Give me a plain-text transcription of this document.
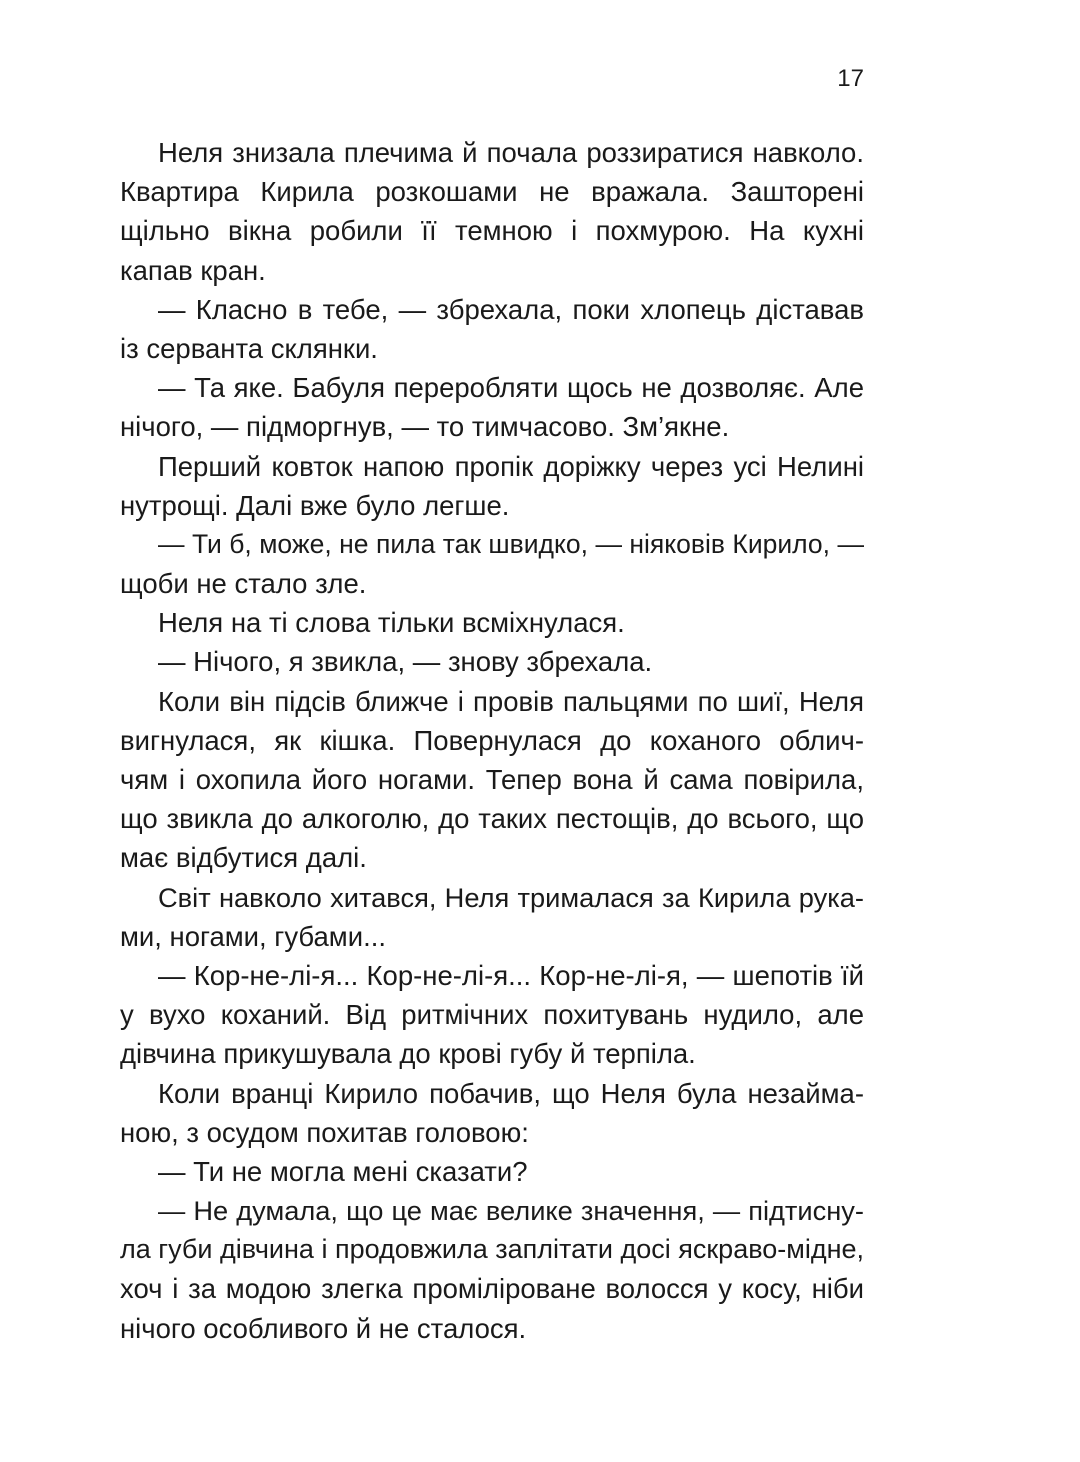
17
Неля знизала плечима й почала роззиратися навколо.
Квартира Кирила розкошами не вражала. Зашторені
щільно вікна робили її темною і похмурою. На кухні
капав кран.
— Класно в тебе, — збрехала, поки хлопець діставав
із серванта склянки.
— Та яке. Бабуля переробляти щось не дозволяє. Але
нічого, — підморгнув, — то тимчасово. Зм’якне.
Перший ковток напою пропік доріжку через усі Нелині
нутрощі. Далі вже було легше.
— Ти б, може, не пила так швидко, — ніяковів Кирило, —
щоби не стало зле.
Неля на ті слова тільки всміхнулася.
— Нічого, я звикла, — знову збрехала.
Коли він підсів ближче і провів пальцями по шиї, Неля
вигнулася, як кішка. Повернулася до коханого облич-
чям і охопила його ногами. Тепер вона й сама повірила,
що звикла до алкоголю, до таких пестощів, до всього, що
має відбутися далі.
Світ навколо хитався, Неля трималася за Кирила рука-
ми, ногами, губами...
— Кор-не-лі-я... Кор-не-лі-я... Кор-не-лі-я, — шепотів їй
у вухо коханий. Від ритмічних похитувань нудило, але
дівчина прикушувала до крові губу й терпіла.
Коли вранці Кирило побачив, що Неля була незайма-
ною, з осудом похитав головою:
— Ти не могла мені сказати?
— Не думала, що це має велике значення, — підтисну-
ла губи дівчина і продовжила заплітати досі яскраво-мідне,
хоч і за модою злегка промілiроване волосся у косу, ніби
нічого особливого й не сталося.
